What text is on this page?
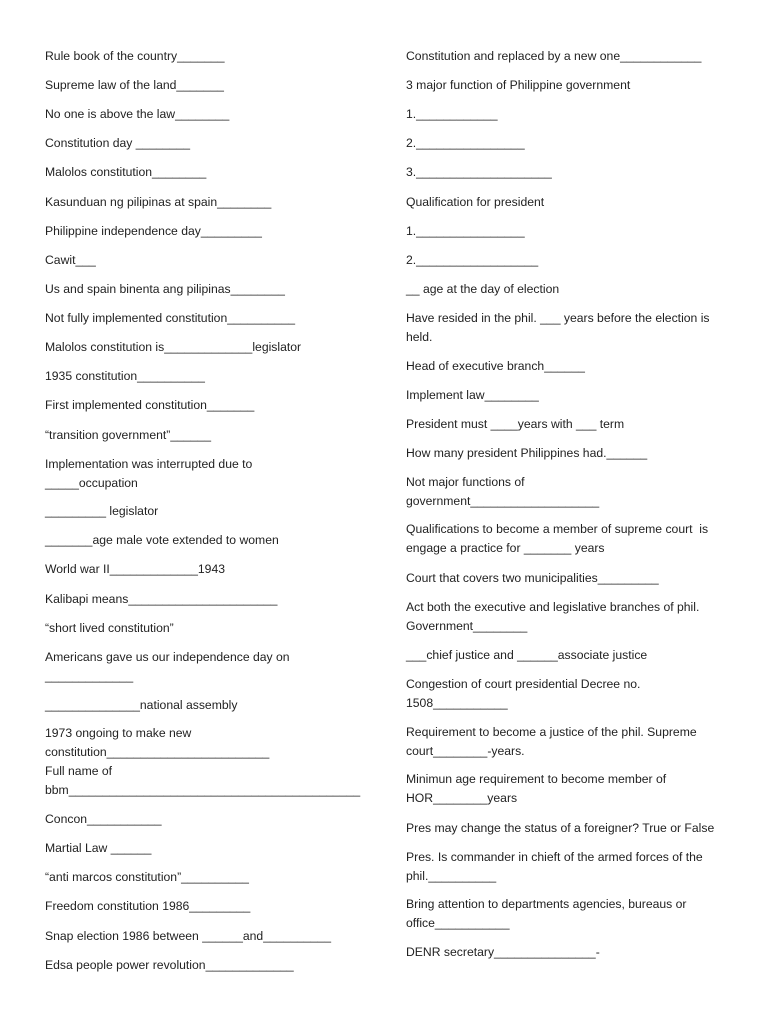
Rule book of the country_______
Supreme law of the land_______
No one is above the law________
Constitution day ________
Malolos constitution________
Kasunduan ng pilipinas at spain________
Philippine independence day_________
Cawit___
Us and spain binenta ang pilipinas________
Not fully implemented constitution__________
Malolos constitution is_____________legislator
1935 constitution__________
First implemented constitution_______
“transition government”______
Implementation was interrupted due to
_____occupation
_________ legislator
_______age male vote extended to women
World war II_____________1943
Kalibapi means______________________
“short lived constitution”
Americans gave us our independence day on
_____________
______________national assembly
1973 ongoing to make new
constitution________________________
Full name of
bbm___________________________________________
Concon___________
Martial Law ______
“anti marcos constitution”__________
Freedom constitution 1986_________
Snap election 1986 between ______and__________
Edsa people power revolution_____________
Constitution and replaced by a new one____________
3 major function of Philippine government
1.____________
2.________________
3.____________________
Qualification for president
1.________________
2.__________________
__ age at the day of election
Have resided in the phil. ___ years before the election is
held.
Head of executive branch______
Implement law________
President must ____years with ___ term
How many president Philippines had.______
Not major functions of
government___________________
Qualifications to become a member of supreme court  is
engage a practice for _______ years
Court that covers two municipalities_________
Act both the executive and legislative branches of phil.
Government________
___chief justice and ______associate justice
Congestion of court presidential Decree no.
1508___________
Requirement to become a justice of the phil. Supreme
court________-years.
Minimun age requirement to become member of
HOR________years
Pres may change the status of a foreigner? True or False
Pres. Is commander in chieft of the armed forces of the
phil.__________
Bring attention to departments agencies, bureaus or
office___________
DENR secretary_______________-
